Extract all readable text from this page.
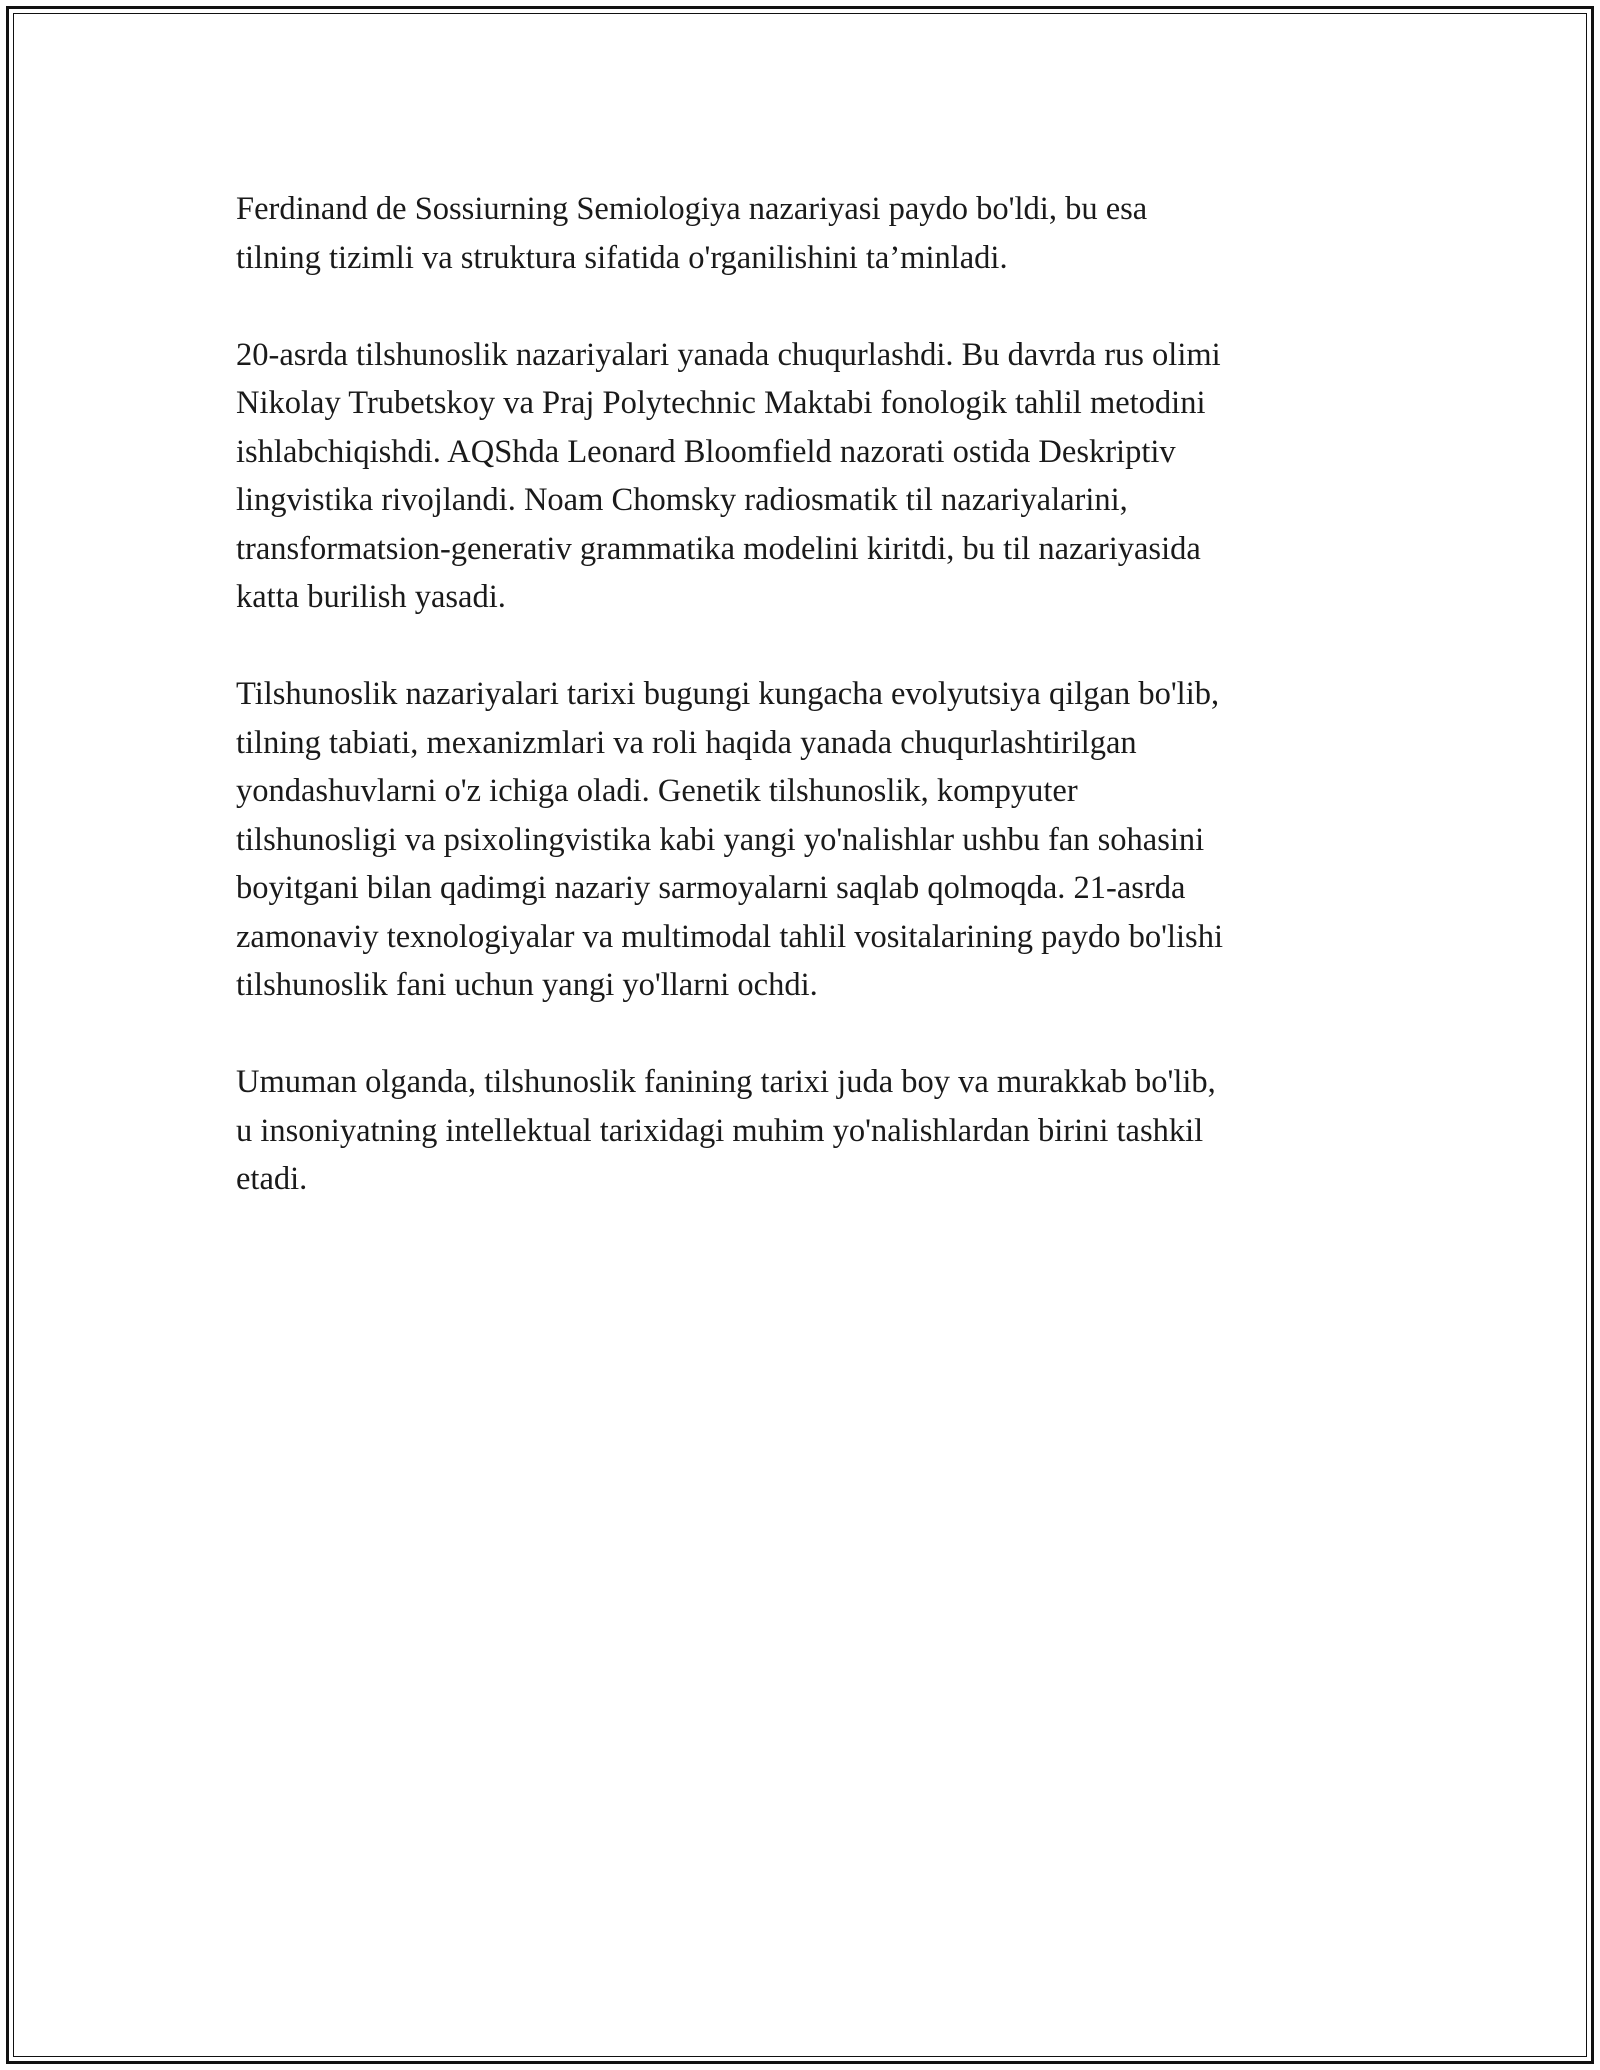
Ferdinand de Sossiurning Semiologiya nazariyasi paydo bo'ldi, bu esa
tilning tizimli va struktura sifatida o'rganilishini ta’minladi.

20-asrda tilshunoslik nazariyalari yanada chuqurlashdi. Bu davrda rus olimi
Nikolay Trubetskoy va Praj Polytechnic Maktabi fonologik tahlil metodini
ishlabchiqishdi. AQShda Leonard Bloomfield nazorati ostida Deskriptiv
lingvistika rivojlandi. Noam Chomsky radiosmatik til nazariyalarini,
transformatsion-generativ grammatika modelini kiritdi, bu til nazariyasida
katta burilish yasadi.

Tilshunoslik nazariyalari tarixi bugungi kungacha evolyutsiya qilgan bo'lib,
tilning tabiati, mexanizmlari va roli haqida yanada chuqurlashtirilgan
yondashuvlarni o'z ichiga oladi. Genetik tilshunoslik, kompyuter
tilshunosligi va psixolingvistika kabi yangi yo'nalishlar ushbu fan sohasini
boyitgani bilan qadimgi nazariy sarmoyalarni saqlab qolmoqda. 21-asrda
zamonaviy texnologiyalar va multimodal tahlil vositalarining paydo bo'lishi
tilshunoslik fani uchun yangi yo'llarni ochdi.

Umuman olganda, tilshunoslik fanining tarixi juda boy va murakkab bo'lib,
u insoniyatning intellektual tarixidagi muhim yo'nalishlardan birini tashkil
etadi.
